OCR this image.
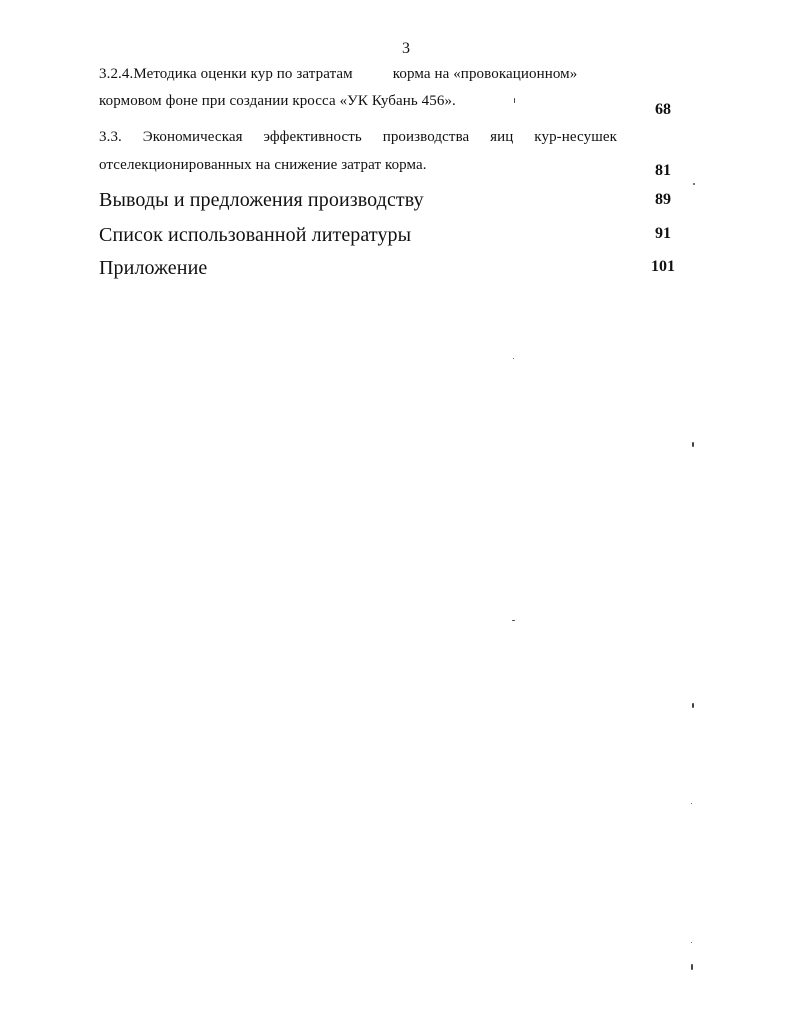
3
3.2.4.Методика оценки кур по затратам	корма на «провокационном»
кормовом фоне при создании кросса «УК Кубань 456».	68
3.3. Экономическая эффективность производства яиц кур-несушек
отселекционированных на снижение затрат корма.	81
Выводы и предложения производству	89
Список использованной литературы	91
Приложение	101
